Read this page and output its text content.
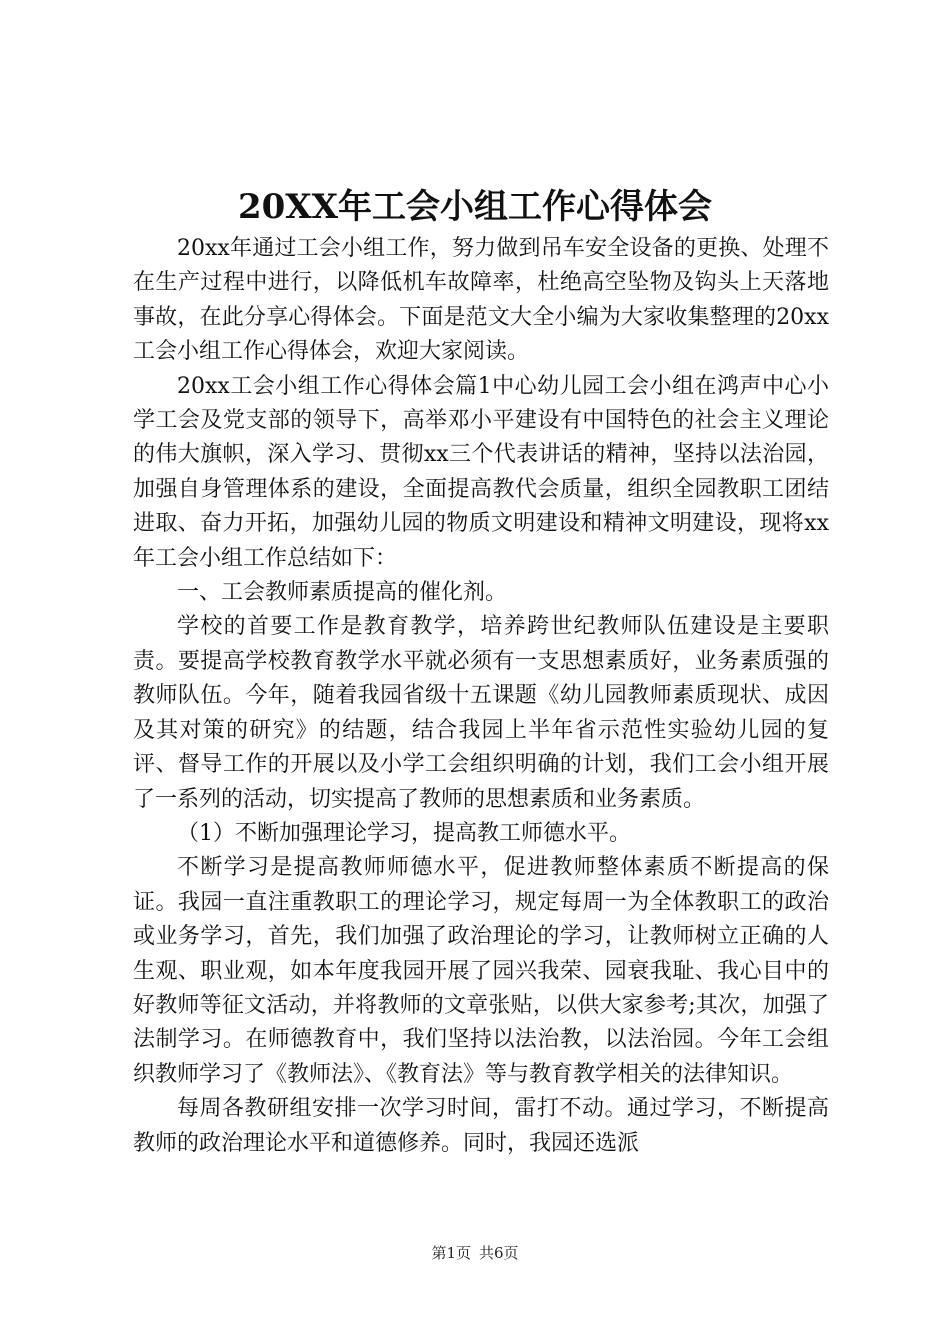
20XX年工会小组工作心得体会

20xx年通过工会小组工作，努力做到吊车安全设备的更换、处理不在生产过程中进行，以降低机车故障率，杜绝高空坠物及钩头上天落地事故，在此分享心得体会。下面是范文大全小编为大家收集整理的20xx工会小组工作心得体会，欢迎大家阅读。

20xx工会小组工作心得体会篇1中心幼儿园工会小组在鸿声中心小学工会及党支部的领导下，高举邓小平建设有中国特色的社会主义理论的伟大旗帜，深入学习、贯彻xx三个代表讲话的精神，坚持以法治园，加强自身管理体系的建设，全面提高教代会质量，组织全园教职工团结进取、奋力开拓，加强幼儿园的物质文明建设和精神文明建设，现将xx年工会小组工作总结如下：

一、工会教师素质提高的催化剂。

学校的首要工作是教育教学，培养跨世纪教师队伍建设是主要职责。要提高学校教育教学水平就必须有一支思想素质好，业务素质强的教师队伍。今年，随着我园省级十五课题《幼儿园教师素质现状、成因及其对策的研究》的结题，结合我园上半年省示范性实验幼儿园的复评、督导工作的开展以及小学工会组织明确的计划，我们工会小组开展了一系列的活动，切实提高了教师的思想素质和业务素质。

（1）不断加强理论学习，提高教工师德水平。

不断学习是提高教师师德水平，促进教师整体素质不断提高的保证。我园一直注重教职工的理论学习，规定每周一为全体教职工的政治或业务学习，首先，我们加强了政治理论的学习，让教师树立正确的人生观、职业观，如本年度我园开展了园兴我荣、园衰我耻、我心目中的好教师等征文活动，并将教师的文章张贴，以供大家参考;其次，加强了法制学习。在师德教育中，我们坚持以法治教，以法治园。今年工会组织教师学习了《教师法》、《教育法》等与教育教学相关的法律知识。

每周各教研组安排一次学习时间，雷打不动。通过学习，不断提高教师的政治理论水平和道德修养。同时，我园还选派

第1页 共6页
